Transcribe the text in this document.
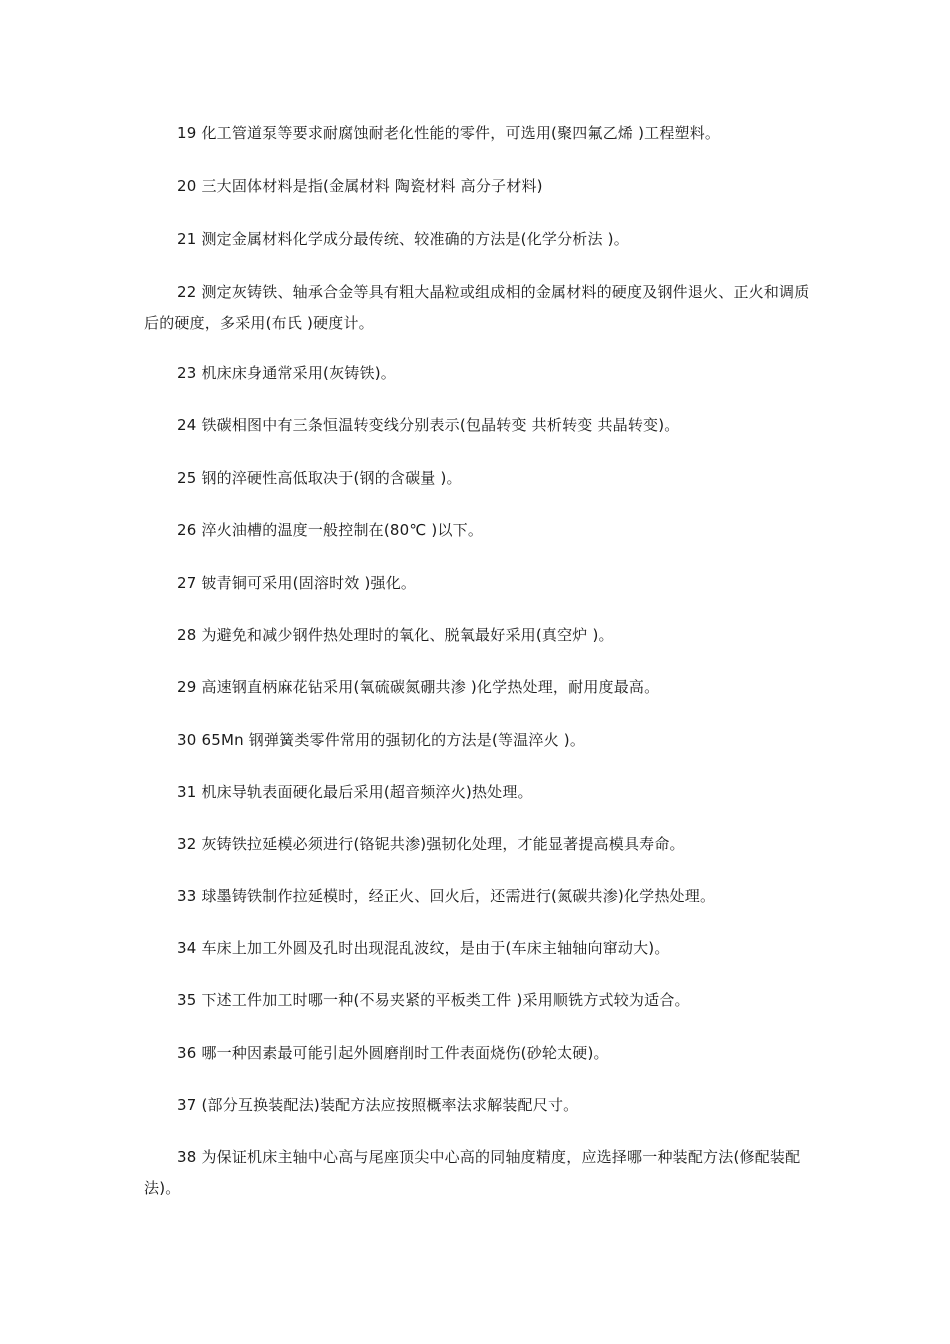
19 化工管道泵等要求耐腐蚀耐老化性能的零件，可选用(聚四氟乙烯 )工程塑料。

20 三大固体材料是指(金属材料 陶瓷材料 高分子材料)

21 测定金属材料化学成分最传统、较准确的方法是(化学分析法 )。

22 测定灰铸铁、轴承合金等具有粗大晶粒或组成相的金属材料的硬度及钢件退火、正火和调质后的硬度，多采用(布氏 )硬度计。

23 机床床身通常采用(灰铸铁)。

24 铁碳相图中有三条恒温转变线分别表示(包晶转变 共析转变 共晶转变)。

25 钢的淬硬性高低取决于(钢的含碳量 )。

26 淬火油槽的温度一般控制在(80℃ )以下。

27 铍青铜可采用(固溶时效 )强化。

28 为避免和减少钢件热处理时的氧化、脱氧最好采用(真空炉 )。

29 高速钢直柄麻花钻采用(氧硫碳氮硼共渗 )化学热处理，耐用度最高。

30 65Mn 钢弹簧类零件常用的强韧化的方法是(等温淬火 )。

31 机床导轨表面硬化最后采用(超音频淬火)热处理。

32 灰铸铁拉延模必须进行(铬铌共渗)强韧化处理，才能显著提高模具寿命。

33 球墨铸铁制作拉延模时，经正火、回火后，还需进行(氮碳共渗)化学热处理。

34 车床上加工外圆及孔时出现混乱波纹，是由于(车床主轴轴向窜动大)。

35 下述工件加工时哪一种(不易夹紧的平板类工件 )采用顺铣方式较为适合。

36 哪一种因素最可能引起外圆磨削时工件表面烧伤(砂轮太硬)。

37 (部分互换装配法)装配方法应按照概率法求解装配尺寸。

38 为保证机床主轴中心高与尾座顶尖中心高的同轴度精度，应选择哪一种装配方法(修配装配法)。
